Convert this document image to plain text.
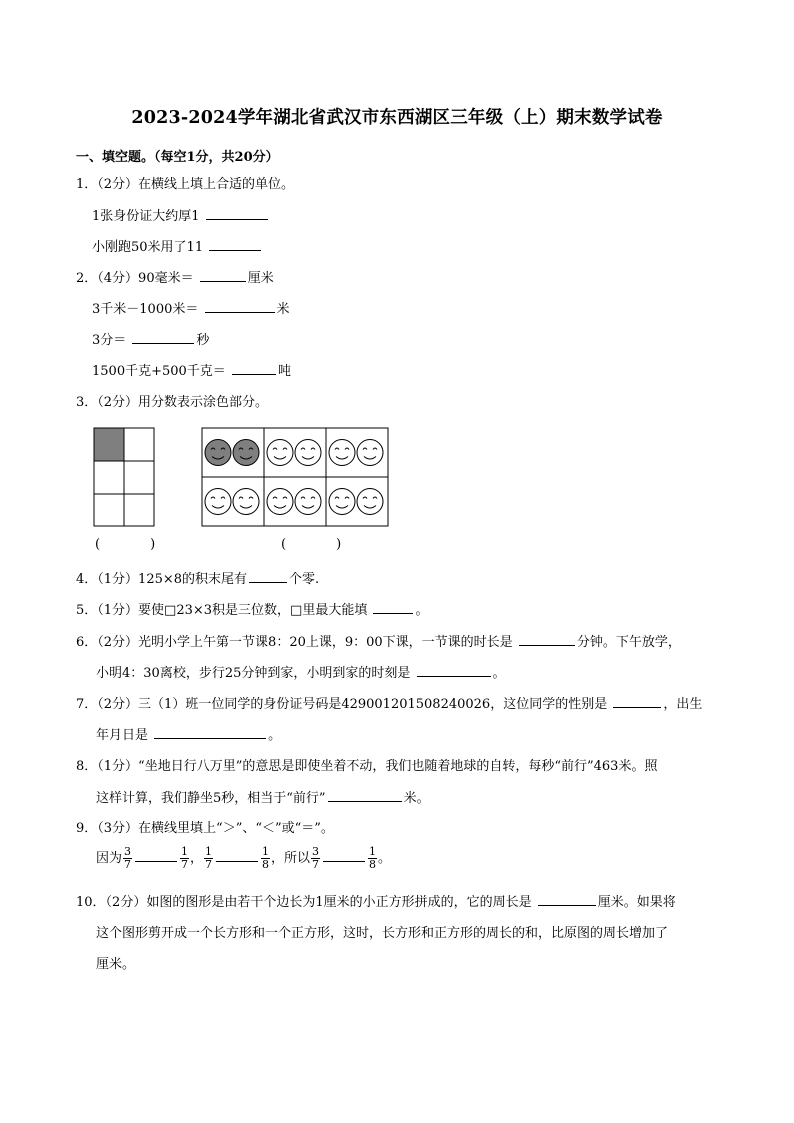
2023-2024学年湖北省武汉市东西湖区三年级（上）期末数学试卷
一、填空题。（每空1分，共20分）
1．（2分）在横线上填上合适的单位。
1张身份证大约厚1
小刚跑50米用了11
2．（4分）90毫米＝	厘米
3千米－1000米＝	米
3分＝	秒
1500千克+500千克＝	吨
3．（2分）用分数表示涂色部分。
(	)	(	)
4．（1分）125×8的积末尾有	个零.
5．（1分）要使□23×3积是三位数，□里最大能填	。
6．（2分）光明小学上午第一节课8：20上课，9：00下课，一节课的时长是	分钟。下午放学，
小明4：30离校，步行25分钟到家，小明到家的时刻是	。
7．（2分）三（1）班一位同学的身份证号码是429001201508240026，这位同学的性别是	，出生
年月日是	。
8．（1分）“坐地日行八万里”的意思是即使坐着不动，我们也随着地球的自转，每秒“前行”463米。照
这样计算，我们静坐5秒，相当于“前行”	米。
9．（3分）在横线里填上“＞”、“＜”或“＝”。
因为 $\frac{3}{7}$	$\frac{1}{7}$ ， $\frac{1}{7}$	$\frac{1}{8}$ ，所以 $\frac{3}{7}$	$\frac{1}{8}$ 。
10．（2分）如图的图形是由若干个边长为1厘米的小正方形拼成的，它的周长是	厘米。如果将
这个图形剪开成一个长方形和一个正方形，这时，长方形和正方形的周长的和，比原图的周长增加了
厘米。
